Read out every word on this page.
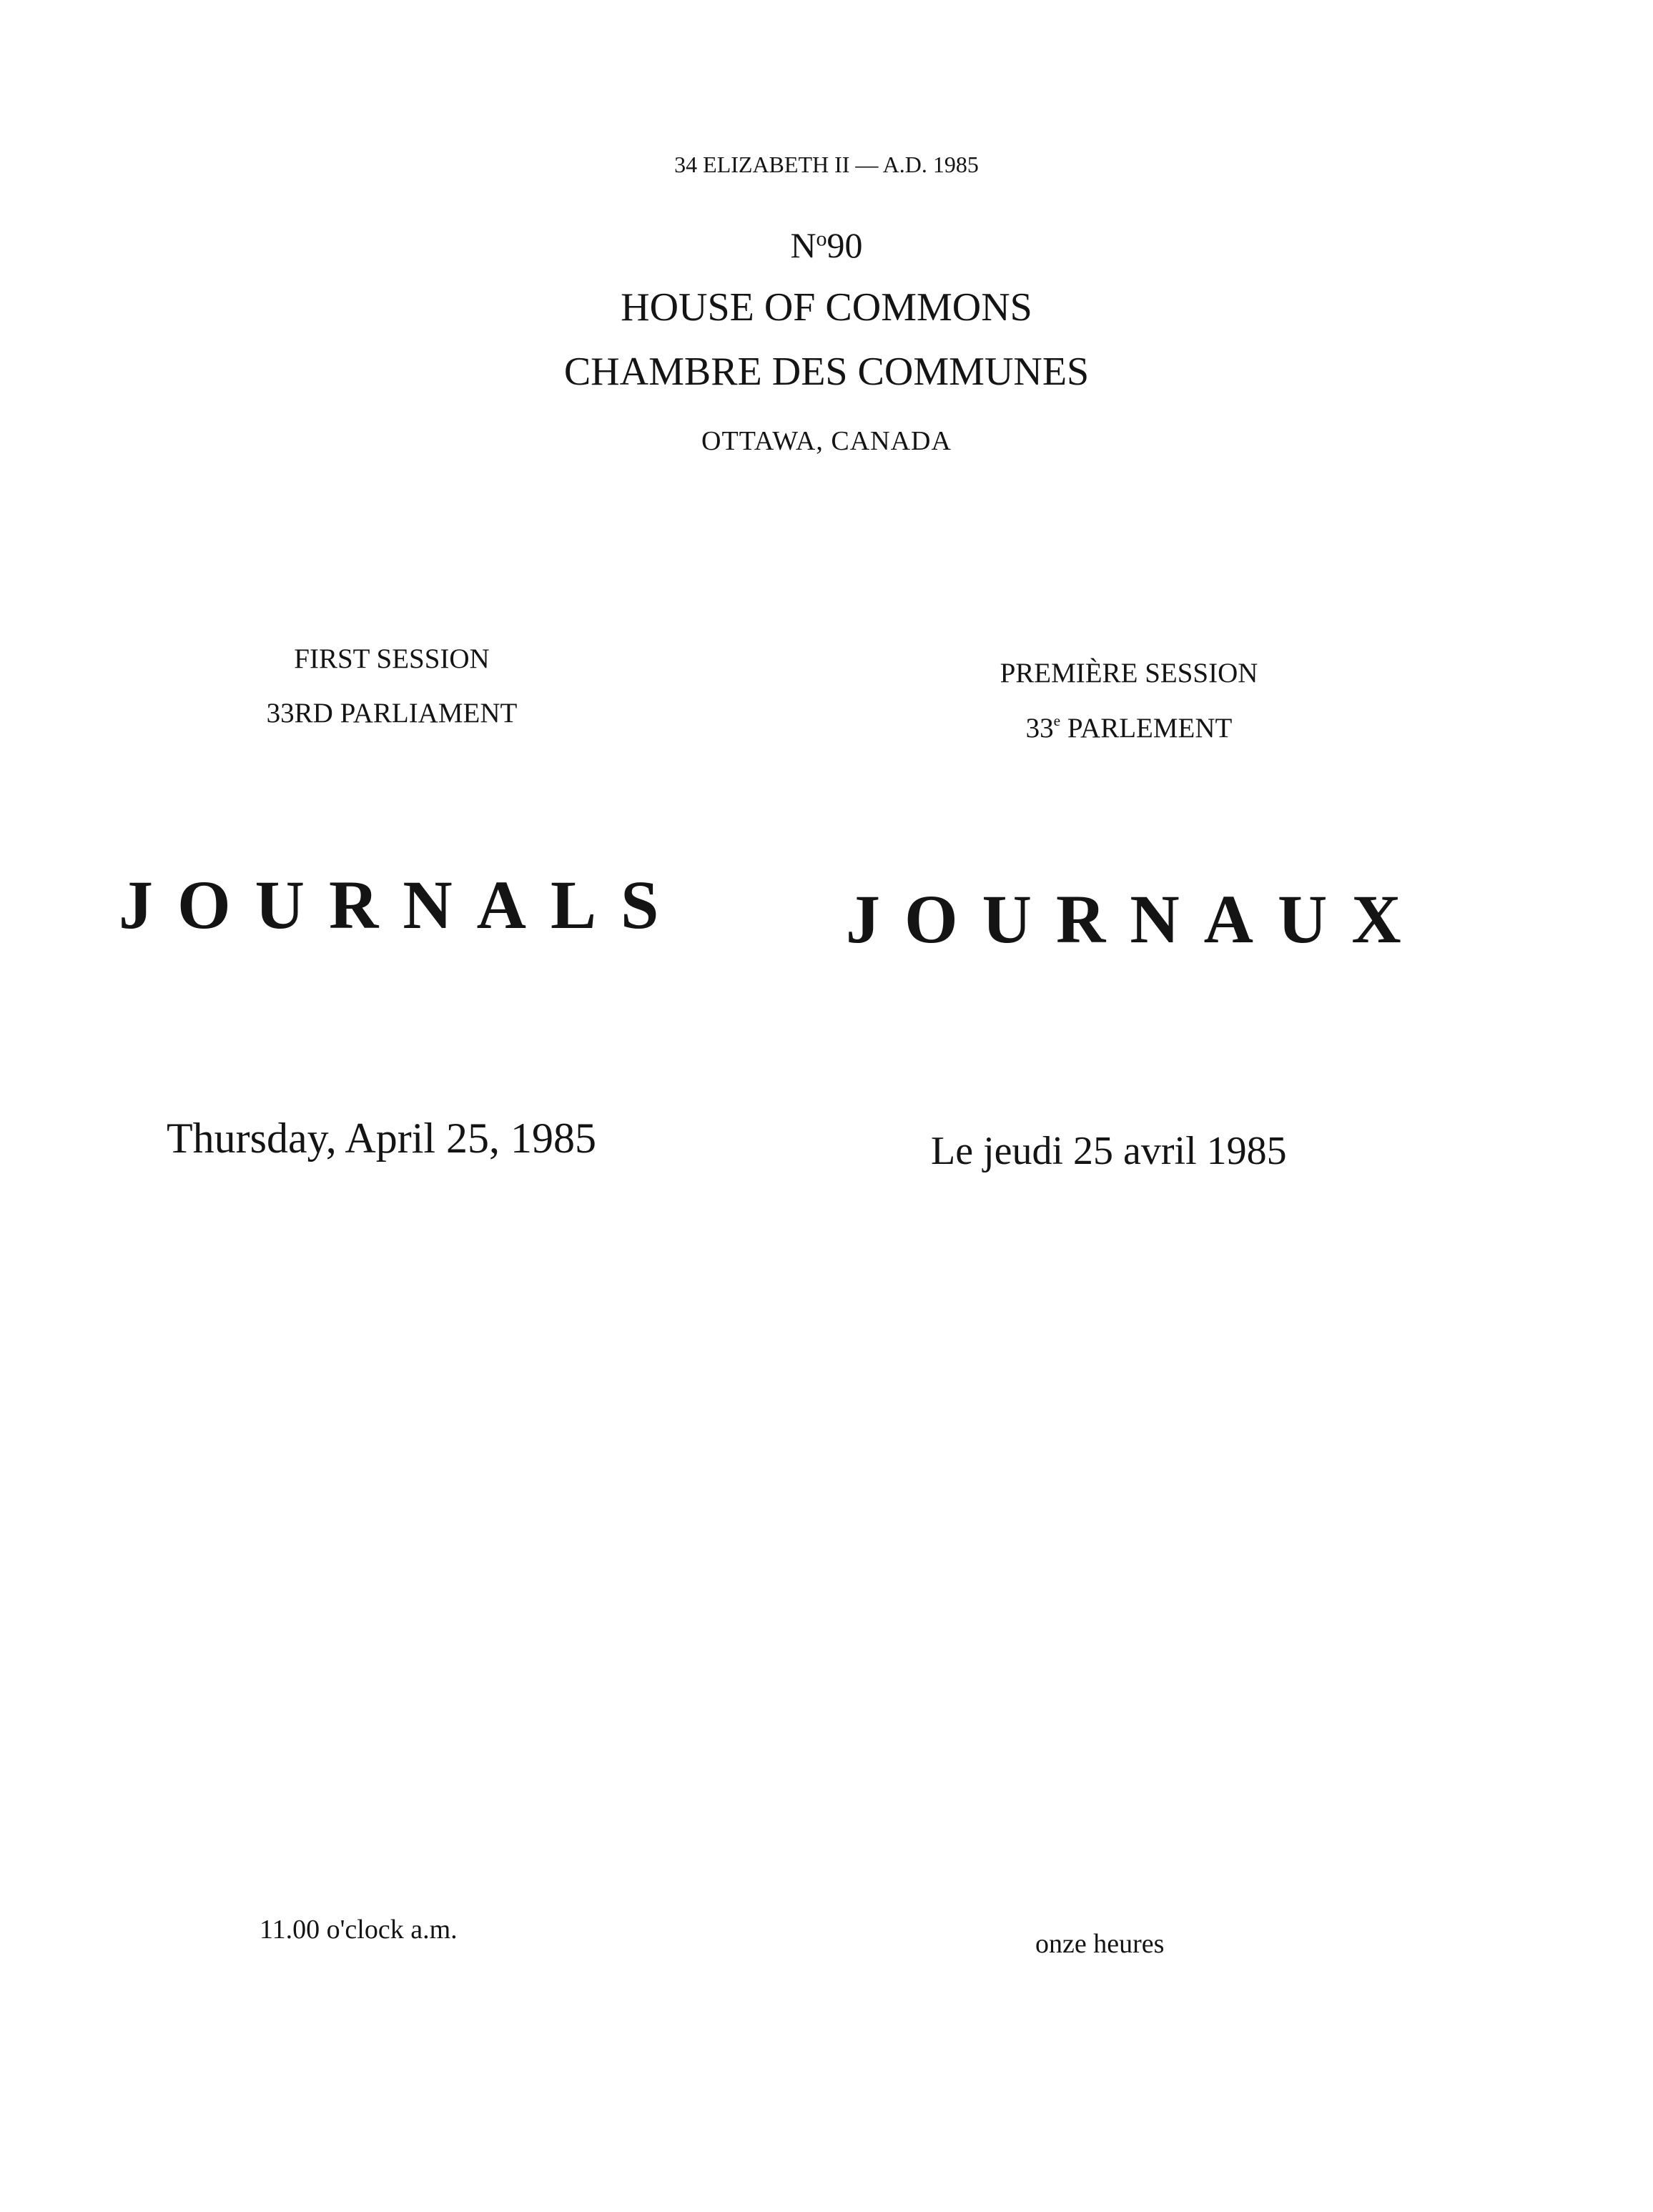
34 ELIZABETH II — A.D. 1985
$N^o90$
HOUSE OF COMMONS
CHAMBRE DES COMMUNES
OTTAWA, CANADA
FIRST SESSION
33RD PARLIAMENT
JOURNALS
Thursday, April 25, 1985
11.00 o'clock a.m.
PREMIÈRE SESSION
33e PARLEMENT
JOURNAUX
Le jeudi 25 avril 1985
onze heures
